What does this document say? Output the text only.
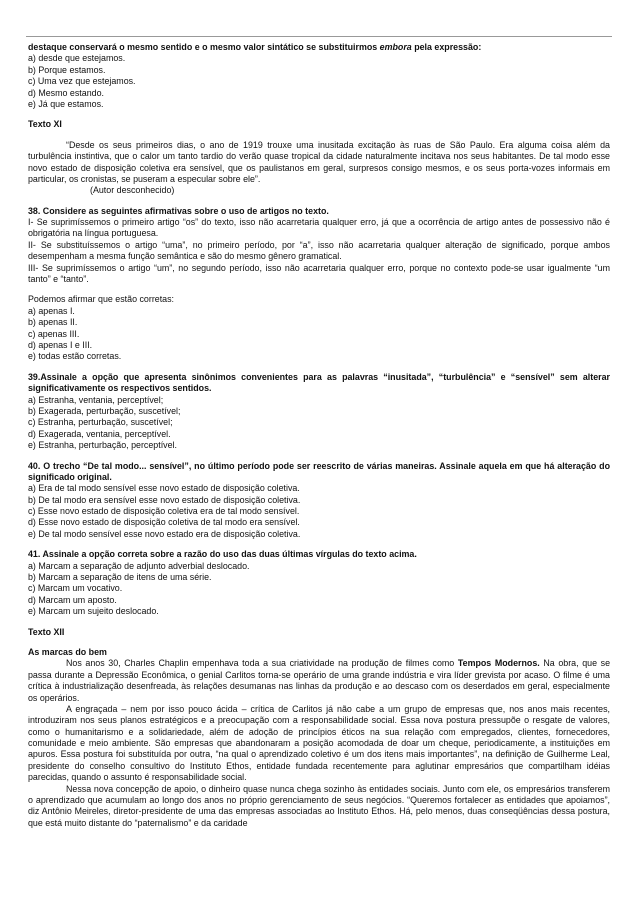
destaque conservará o mesmo sentido e o mesmo valor sintático se substituirmos embora pela expressão:

a) desde que estejamos.

b) Porque estamos.

c) Uma vez que estejamos.

d) Mesmo estando.

e) Já que estamos.

Texto XI

“Desde os seus primeiros dias, o ano de 1919 trouxe uma inusitada excitação às ruas de São Paulo. Era alguma coisa além da turbulência instintiva, que o calor um tanto tardio do verão quase tropical da cidade naturalmente incitava nos seus habitantes. De tal modo esse novo estado de disposição coletiva era sensível, que os paulistanos em geral, surpresos consigo mesmos, e os seus porta-vozes informais em particular, os cronistas, se puseram a especular sobre ele”.

(Autor desconhecido)

38. Considere as seguintes afirmativas sobre o uso de artigos no texto.

I- Se suprimíssemos o primeiro artigo “os” do texto, isso não acarretaria qualquer erro, já que a ocorrência de artigo antes de possessivo não é obrigatória na língua portuguesa.

II- Se substituíssemos o artigo “uma”, no primeiro período, por “a”, isso não acarretaria qualquer alteração de significado, porque ambos desempenham a mesma função semântica e são do mesmo gênero gramatical.

III- Se suprimíssemos o artigo “um”, no segundo período, isso não acarretaria qualquer erro, porque no contexto pode-se usar igualmente “um tanto” e “tanto”.

Podemos afirmar que estão corretas:

a) apenas I.

b) apenas II.

c) apenas III.

d) apenas I e III.

e) todas estão corretas.

39.Assinale a opção que apresenta sinônimos convenientes para as palavras “inusitada”, “turbulência” e “sensível” sem alterar significativamente os respectivos sentidos.

a) Estranha, ventania, perceptível;

b) Exagerada, perturbação, suscetível;

c) Estranha, perturbação, suscetível;

d) Exagerada, ventania, perceptível.

e) Estranha, perturbação, perceptível.

40. O trecho “De tal modo... sensível”, no último período pode ser reescrito de várias maneiras. Assinale aquela em que há alteração do significado original.

a) Era de tal modo sensível esse novo estado de disposição coletiva.

b) De tal modo era sensível esse novo estado de disposição coletiva.

c) Esse novo estado de disposição coletiva era de tal modo sensível.

d) Esse novo estado de disposição coletiva de tal modo era sensível.

e) De tal modo sensível esse novo estado era de disposição coletiva.

41. Assinale a opção correta sobre a razão do uso das duas últimas vírgulas do texto acima.

a) Marcam a separação de adjunto adverbial deslocado.

b) Marcam a separação de itens de uma série.

c) Marcam um vocativo.

d) Marcam um aposto.

e) Marcam um sujeito deslocado.

Texto XII

As marcas do bem

Nos anos 30, Charles Chaplin empenhava toda a sua criatividade na produção de filmes como Tempos Modernos. Na obra, que se passa durante a Depressão Econômica, o genial Carlitos torna-se operário de uma grande indústria e vira líder grevista por acaso. O filme é uma crítica à industrialização desenfreada, às relações desumanas nas linhas da produção e ao descaso com os deserdados em geral, especialmente os operários.

A engraçada – nem por isso pouco ácida – crítica de Carlitos já não cabe a um grupo de empresas que, nos anos mais recentes, introduziram nos seus planos estratégicos e a preocupação com a responsabilidade social. Essa nova postura pressupõe o resgate de valores, como o humanitarismo e a solidariedade, além de adoção de princípios éticos na sua relação com empregados, clientes, fornecedores, comunidade e meio ambiente. São empresas que abandonaram a posição acomodada de doar um cheque, periodicamente, a instituições em apuros. Essa postura foi substituída por outra, “na qual o aprendizado coletivo é um dos itens mais importantes”, na definição de Guilherme Leal, presidente do conselho consultivo do Instituto Ethos, entidade fundada recentemente para aglutinar empresários que compartilham idéias parecidas, quando o assunto é responsabilidade social.

Nessa nova concepção de apoio, o dinheiro quase nunca chega sozinho às entidades sociais. Junto com ele, os empresários transferem o aprendizado que acumulam ao longo dos anos no próprio gerenciamento de seus negócios. “Queremos fortalecer as entidades que apoiamos”, diz Antônio Meireles, diretor-presidente de uma das empresas associadas ao Instituto Ethos. Há, pelo menos, duas conseqüências dessa postura, que está muito distante do “paternalismo” e da caridade
